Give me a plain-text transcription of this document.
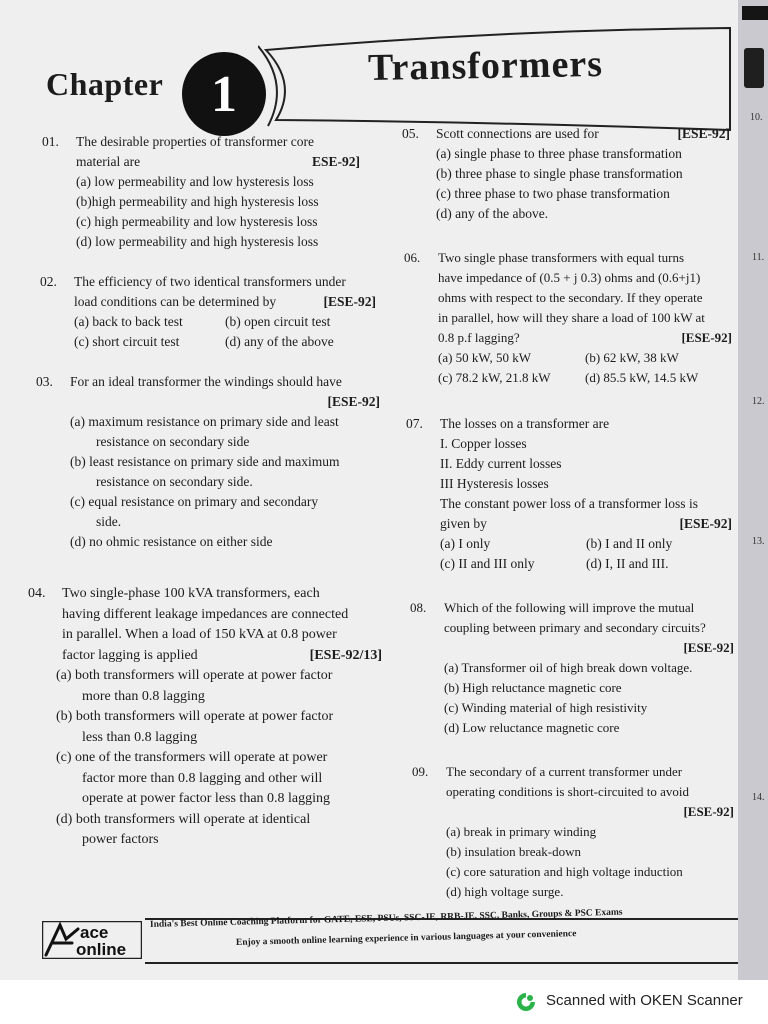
10.
11.
12.
13.
14.
Chapter 1	Transformers
01. The desirable properties of transformer core

material are	ESE-92]

(a) low permeability and low hysteresis loss
(b)high permeability and high hysteresis loss
(c) high permeability and low hysteresis loss
(d) low permeability and high hysteresis loss
02. The efficiency of two identical transformers under

load conditions can be determined by	[ESE-92]

(a) back to back test	(b) open circuit test
(c) short circuit test	(d) any of the above
03. For an ideal transformer the windings should have

[ESE-92]

(a) maximum resistance on primary side and least

resistance on secondary side

(b) least resistance on primary side and maximum

resistance on secondary side.

(c) equal resistance on primary and secondary

side.

(d) no ohmic resistance on either side

04. Two single-phase 100 kVA transformers, each

having different leakage impedances are connected

in parallel. When a load of 150 kVA at 0.8 power

factor lagging is applied	[ESE-92/13]

(a) both transformers will operate at power factor

more than 0.8 lagging

(b) both transformers will operate at power factor

less than 0.8 lagging

(c) one of the transformers will operate at power

factor more than 0.8 lagging and other will

operate at power factor less than 0.8 lagging

(d) both transformers will operate at identical

power factors

05. Scott connections are used for	[ESE-92]

(a) single phase to three phase transformation
(b) three phase to single phase transformation
(c) three phase to two phase transformation
(d) any of the above.
06. Two single phase transformers with equal turns

have impedance of (0.5 + j 0.3) ohms and (0.6+j1)

ohms with respect to the secondary. If they operate

in parallel, how will they share a load of 100 kW at

0.8 p.f lagging?	[ESE-92]

(a) 50 kW, 50 kW	(b) 62 kW, 38 kW
(c) 78.2 kW, 21.8 kW	(d) 85.5 kW, 14.5 kW
07. The losses on a transformer are

I. Copper losses

II. Eddy current losses

III Hysteresis losses

The constant power loss of a transformer loss is

given by	[ESE-92]

(a) I only	(b) I and II only
(c) II and III only	(d) I, II and III.
08. Which of the following will improve the mutual

coupling between primary and secondary circuits?

[ESE-92]

(a) Transformer oil of high break down voltage.
(b) High reluctance magnetic core
(c) Winding material of high resistivity
(d) Low reluctance magnetic core
09. The secondary of a current transformer under

operating conditions is short-circuited to avoid

[ESE-92]

(a) break in primary winding
(b) insulation break-down
(c) core saturation and high voltage induction
(d) high voltage surge.
ace
online
India's Best Online Coaching Platform for GATE, ESE, PSUs, SSC-JE, RRB-JE, SSC, Banks, Groups & PSC Exams
Enjoy a smooth online learning experience in various languages at your convenience
Scanned with OKEN Scanner
